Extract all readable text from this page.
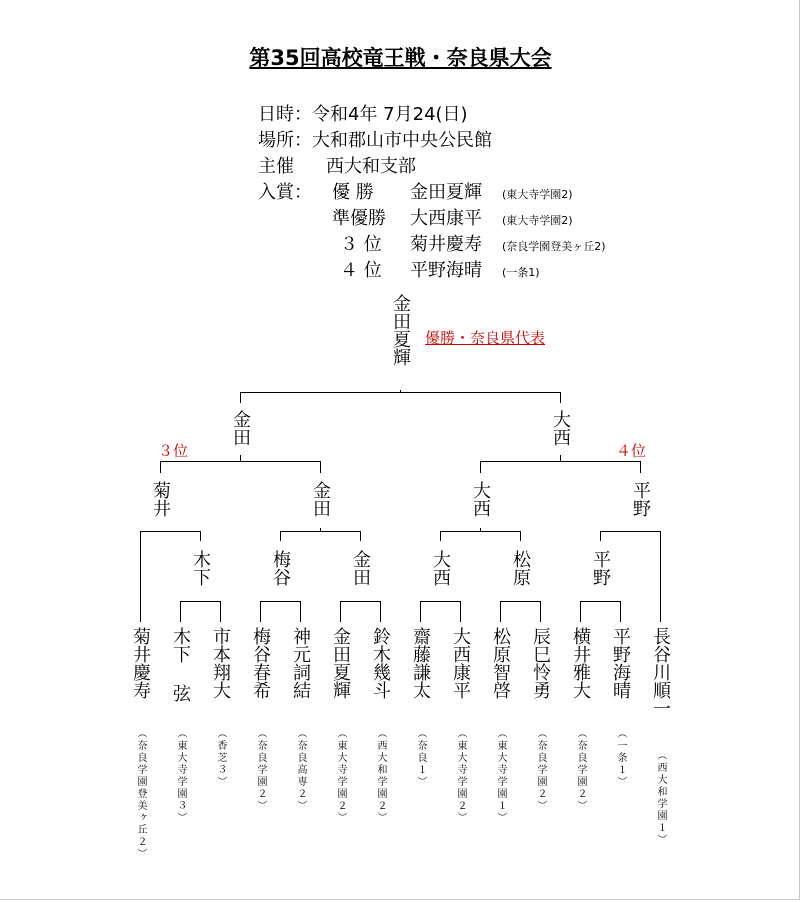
第35回高校竜王戦・奈良県大会
日時：令和4年 7月24(日)
場所：大和郡山市中央公民館
主催 西大和支部
入賞： 優 勝 金田夏輝 (東大寺学園2)
準優勝 大西康平 (東大寺学園2)
３ 位 菊井慶寿 (奈良学園登美ヶ丘2)
４ 位 平野海晴 (一条1)
金田夏輝 優勝・奈良県代表
３位	４位
金田	大西
菊井	金田	大西	平野
木下	梅谷	金田	大西	松原	平野
菊井慶寿
（奈良学園登美ヶ丘２）
木下 弦
（東大寺学園３）
市本翔大
（香芝３）
梅谷春希
（奈良学園２）
神元詞結
（奈良高専２）
金田夏輝
（東大寺学園２）
鈴木幾斗
（西大和学園２）
齋藤謙太
（奈良１）
大西康平
（東大寺学園２）
松原智啓
（東大寺学園１）
辰巳怜勇
（奈良学園２）
横井雅大
（奈良学園２）
平野海晴
（一条１）
長谷川順一
（西大和学園１）
